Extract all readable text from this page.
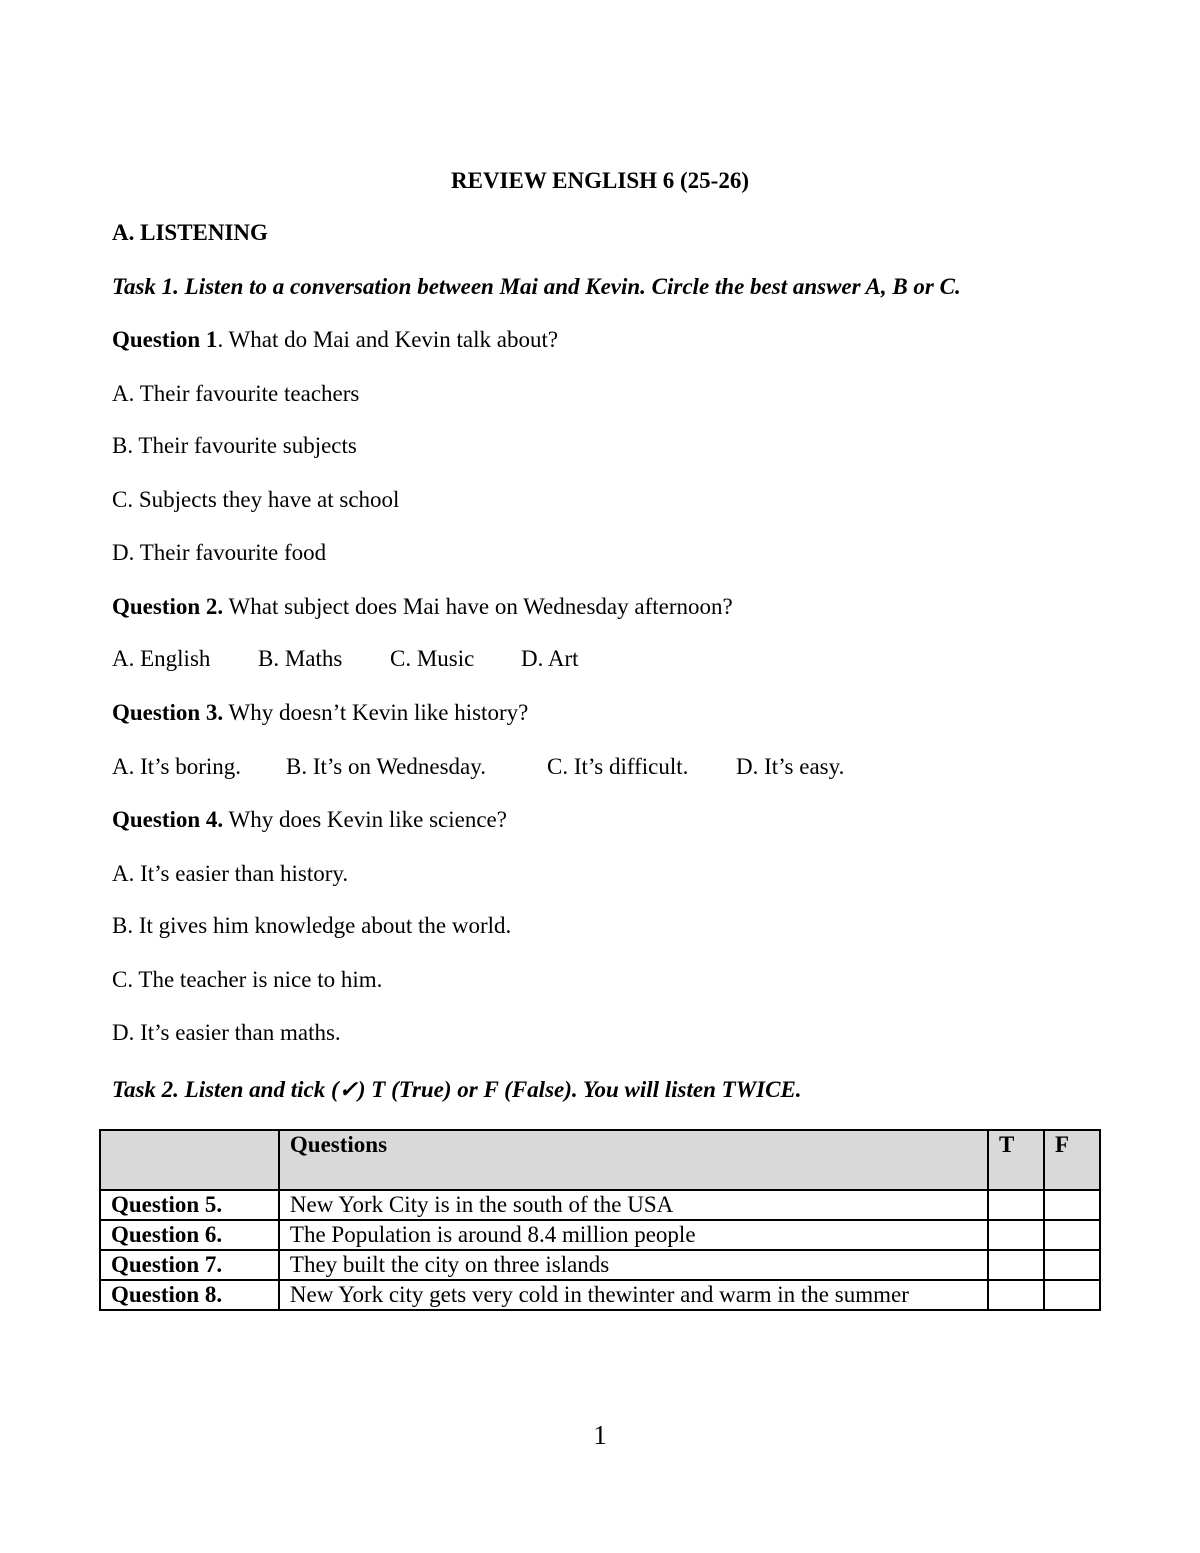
REVIEW ENGLISH 6 (25-26)
A. LISTENING
Task 1. Listen to a conversation between Mai and Kevin. Circle the best answer A, B or C.
Question 1. What do Mai and Kevin talk about?
A. Their favourite teachers
B. Their favourite subjects
C. Subjects they have at school
D. Their favourite food
Question 2. What subject does Mai have on Wednesday afternoon?
A. English B. Maths C. Music D. Art
Question 3. Why doesn’t Kevin like history?
A. It’s boring. B. It’s on Wednesday.	C. It’s difficult. D. It’s easy.
Question 4. Why does Kevin like science?
A. It’s easier than history.
B. It gives him knowledge about the world.
C. The teacher is nice to him.
D. It’s easier than maths.
Task 2. Listen and tick (✓) T (True) or F (False). You will listen TWICE.
	Questions	T	F
Question 5.	New York City is in the south of the USA		
Question 6.	The Population is around 8.4 million people		
Question 7.	They built the city on three islands		
Question 8.	New York city gets very cold in thewinter and warm in the summer		
1
